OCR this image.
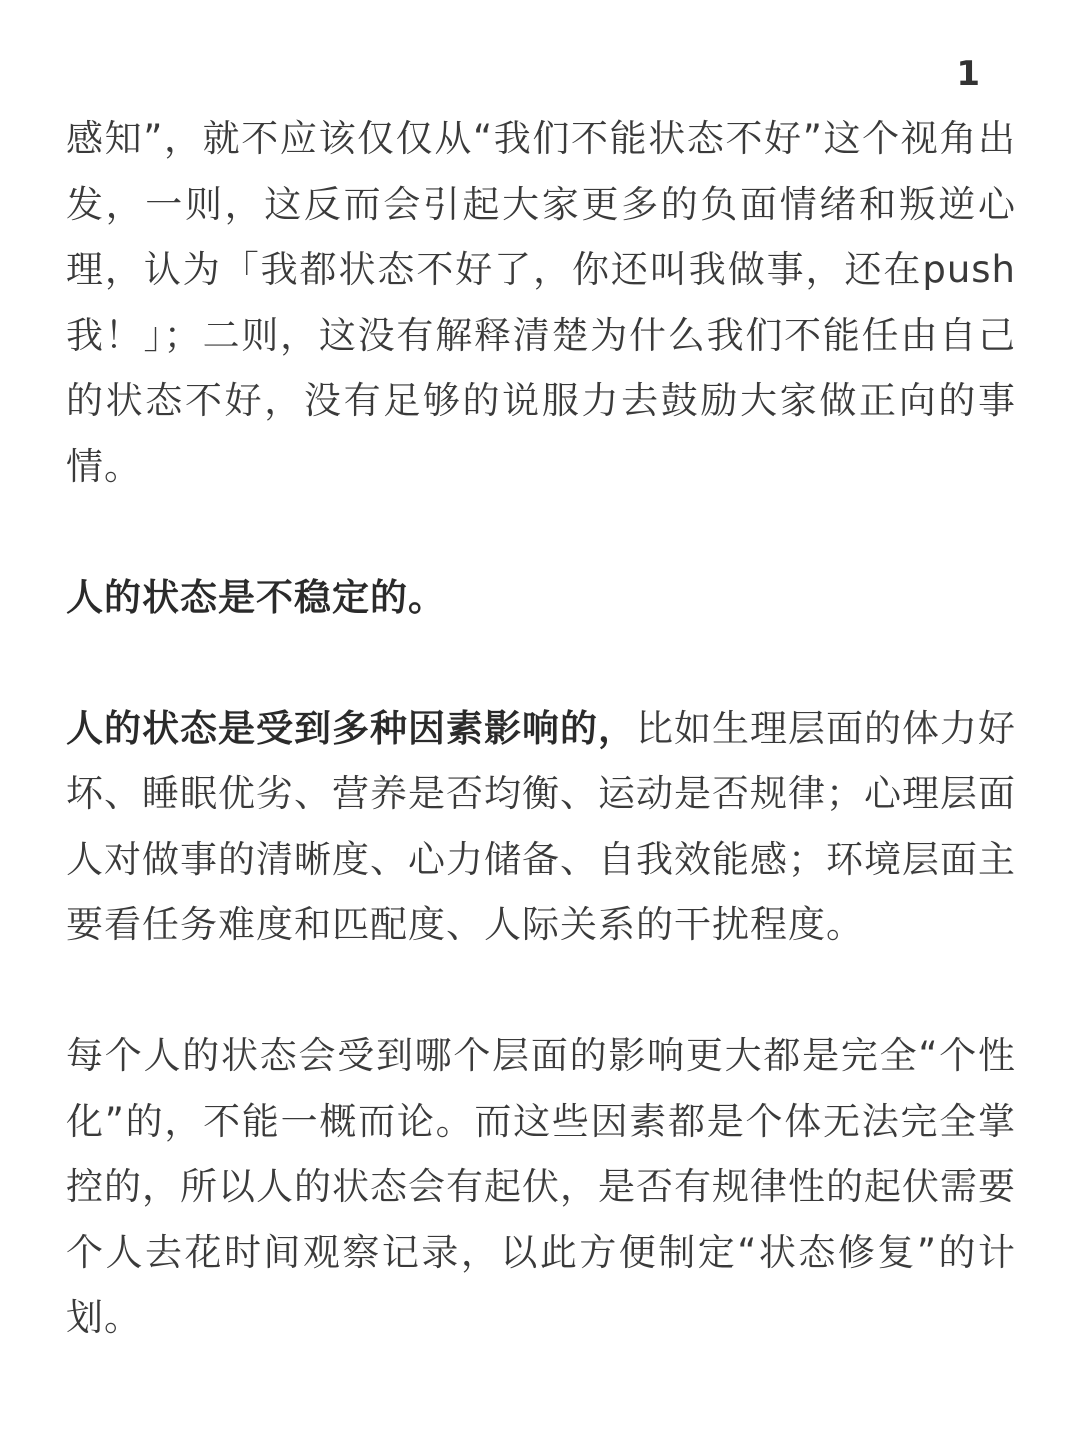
1

感知”，就不应该仅仅从“我们不能状态不好”这个视角出发，一则，这反而会引起大家更多的负面情绪和叛逆心理，认为「我都状态不好了，你还叫我做事，还在push我！」；二则，这没有解释清楚为什么我们不能任由自己的状态不好，没有足够的说服力去鼓励大家做正向的事情。

人的状态是不稳定的。

人的状态是受到多种因素影响的，比如生理层面的体力好坏、睡眠优劣、营养是否均衡、运动是否规律；心理层面人对做事的清晰度、心力储备、自我效能感；环境层面主要看任务难度和匹配度、人际关系的干扰程度。

每个人的状态会受到哪个层面的影响更大都是完全“个性化”的，不能一概而论。而这些因素都是个体无法完全掌控的，所以人的状态会有起伏，是否有规律性的起伏需要个人去花时间观察记录，以此方便制定“状态修复”的计划。
